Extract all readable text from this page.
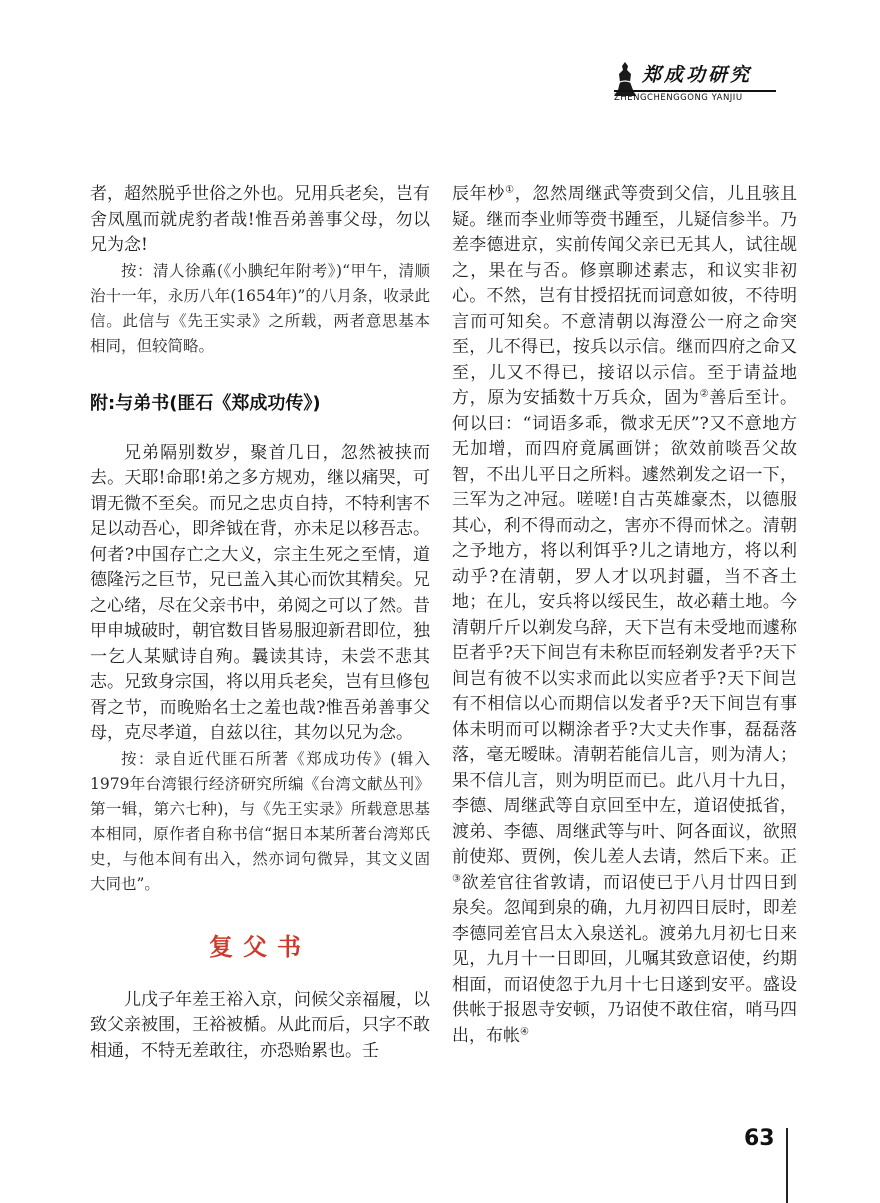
郑成功研究
ZHENGCHENGGONG YANJIU

者，超然脱乎世俗之外也。兄用兵老矣，岂有舍凤凰而就虎豹者哉!惟吾弟善事父母，勿以兄为念!

按：清人徐鼒(《小腆纪年附考》)“甲午，清顺治十一年，永历八年(1654年)”的八月条，收录此信。此信与《先王实录》之所载，两者意思基本相同，但较简略。

附:与弟书(匪石《郑成功传》)

兄弟隔别数岁，聚首几日，忽然被挟而去。天耶!命耶!弟之多方规劝，继以痛哭，可谓无微不至矣。而兄之忠贞自持，不特利害不足以动吾心，即斧钺在背，亦未足以移吾志。何者?中国存亡之大义，宗主生死之至情，道德隆污之巨节，兄已盖入其心而饮其精矣。兄之心绪，尽在父亲书中，弟阅之可以了然。昔甲申城破时，朝官数目皆易服迎新君即位，独一乞人某赋诗自殉。曩读其诗，未尝不悲其志。兄致身宗国，将以用兵老矣，岂有旦修包胥之节，而晚贻名士之羞也哉?惟吾弟善事父母，克尽孝道，自兹以往，其勿以兄为念。

按：录自近代匪石所著《郑成功传》(辑入1979年台湾银行经济研究所编《台湾文献丛刊》第一辑，第六七种)，与《先王实录》所载意思基本相同，原作者自称书信“据日本某所著台湾郑氏史，与他本间有出入，然亦词句微异，其文义固大同也”。

复父书

儿戊子年差王裕入京，问候父亲福履，以致父亲被围，王裕被楯。从此而后，只字不敢相通，不特无差敢往，亦恐贻累也。壬

辰年杪①，忽然周继武等赍到父信，儿且骇且疑。继而李业师等赍书踵至，儿疑信参半。乃差李德进京，实前传闻父亲已无其人，试往觇之，果在与否。修禀聊述素志，和议实非初心。不然，岂有甘授招抚而词意如彼，不待明言而可知矣。不意清朝以海澄公一府之命突至，儿不得已，按兵以示信。继而四府之命又至，儿又不得已，接诏以示信。至于请益地方，原为安插数十万兵众，固为②善后至计。何以曰：“词语多乖，微求无厌”?又不意地方无加增，而四府竟属画饼；欲效前啖吾父故智，不出儿平日之所料。遽然剃发之诏一下，三军为之冲冠。嗟嗟!自古英雄豪杰，以德服其心，利不得而动之，害亦不得而怵之。清朝之予地方，将以利饵乎?儿之请地方，将以利动乎?在清朝，罗人才以巩封疆，当不吝土地；在儿，安兵将以绥民生，故必藉土地。今清朝斤斤以剃发乌辞，天下岂有未受地而遽称臣者乎?天下间岂有未称臣而轻剃发者乎?天下间岂有彼不以实求而此以实应者乎?天下间岂有不相信以心而期信以发者乎?天下间岂有事体未明而可以糊涂者乎?大丈夫作事，磊磊落落，毫无暧昧。清朝若能信儿言，则为清人；果不信儿言，则为明臣而已。此八月十九日，李德、周继武等自京回至中左，道诏使抵省，渡弟、李德、周继武等与叶、阿各面议，欲照前使郑、贾例，俟儿差人去请，然后下来。正③欲差官往省敦请，而诏使已于八月廿四日到泉矣。忽闻到泉的确，九月初四日辰时，即差李德同差官吕太入泉送礼。渡弟九月初七日来见，九月十一日即回，儿嘱其致意诏使，约期相面，而诏使忽于九月十七日遂到安平。盛设供帐于报恩寺安顿，乃诏使不敢住宿，哨马四出，布帐④

63
